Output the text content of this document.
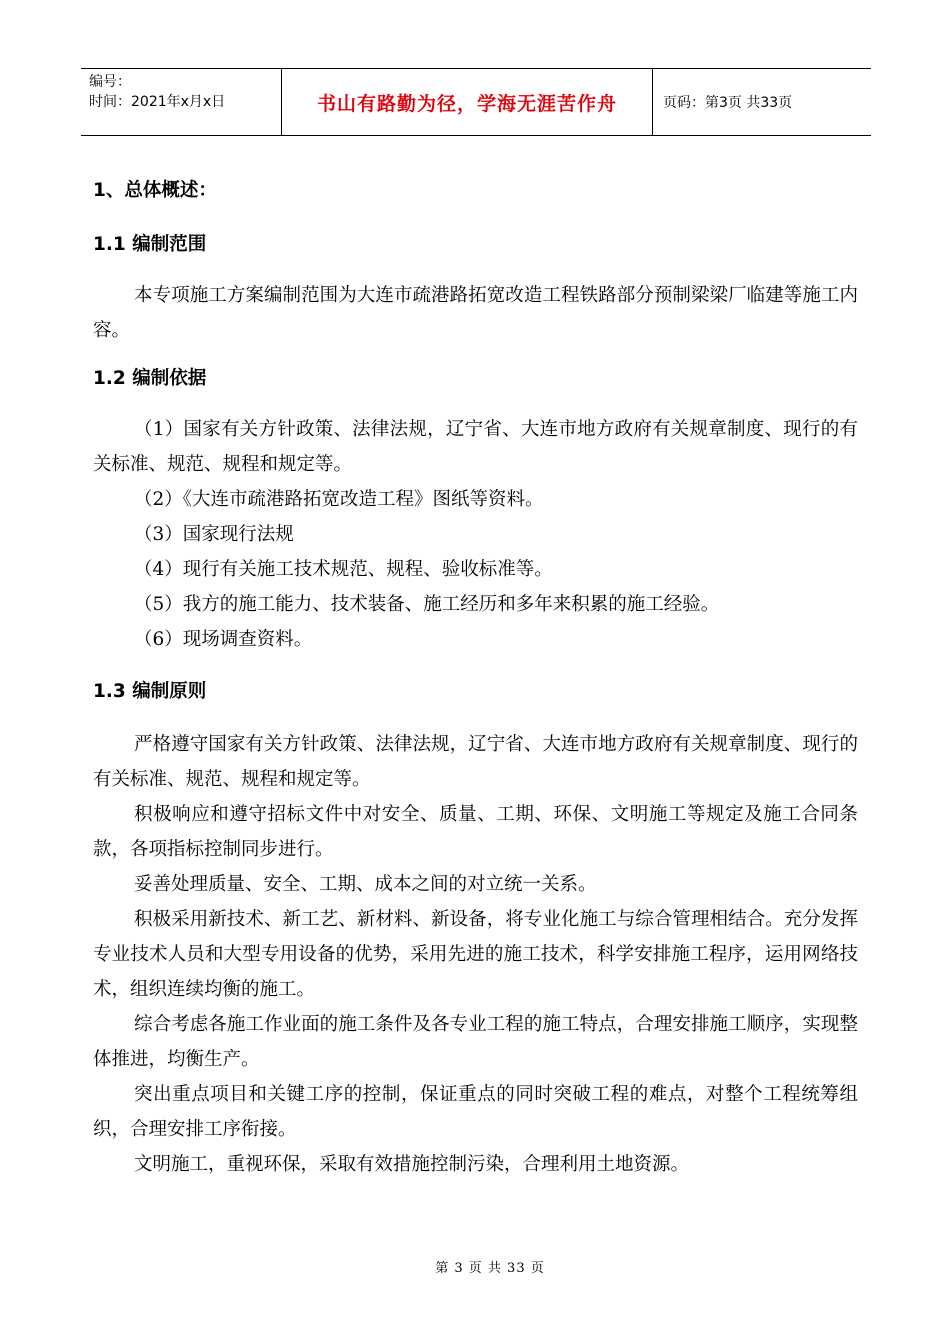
编号：
时间：2021年x月x日	书山有路勤为径，学海无涯苦作舟	页码：第3页 共33页
1、总体概述：
1.1 编制范围

本专项施工方案编制范围为大连市疏港路拓宽改造工程铁路部分预制梁梁厂临建等施工内容。

1.2 编制依据

（1）国家有关方针政策、法律法规，辽宁省、大连市地方政府有关规章制度、现行的有关标准、规范、规程和规定等。

（2）《大连市疏港路拓宽改造工程》图纸等资料。

（3）国家现行法规

（4）现行有关施工技术规范、规程、验收标准等。

（5）我方的施工能力、技术装备、施工经历和多年来积累的施工经验。

（6）现场调查资料。

1.3 编制原则

严格遵守国家有关方针政策、法律法规，辽宁省、大连市地方政府有关规章制度、现行的有关标准、规范、规程和规定等。

积极响应和遵守招标文件中对安全、质量、工期、环保、文明施工等规定及施工合同条款，各项指标控制同步进行。

妥善处理质量、安全、工期、成本之间的对立统一关系。

积极采用新技术、新工艺、新材料、新设备，将专业化施工与综合管理相结合。充分发挥专业技术人员和大型专用设备的优势，采用先进的施工技术，科学安排施工程序，运用网络技术，组织连续均衡的施工。

综合考虑各施工作业面的施工条件及各专业工程的施工特点，合理安排施工顺序，实现整体推进，均衡生产。

突出重点项目和关键工序的控制，保证重点的同时突破工程的难点，对整个工程统筹组织，合理安排工序衔接。

文明施工，重视环保，采取有效措施控制污染，合理利用土地资源。

第 3 页 共 33 页
